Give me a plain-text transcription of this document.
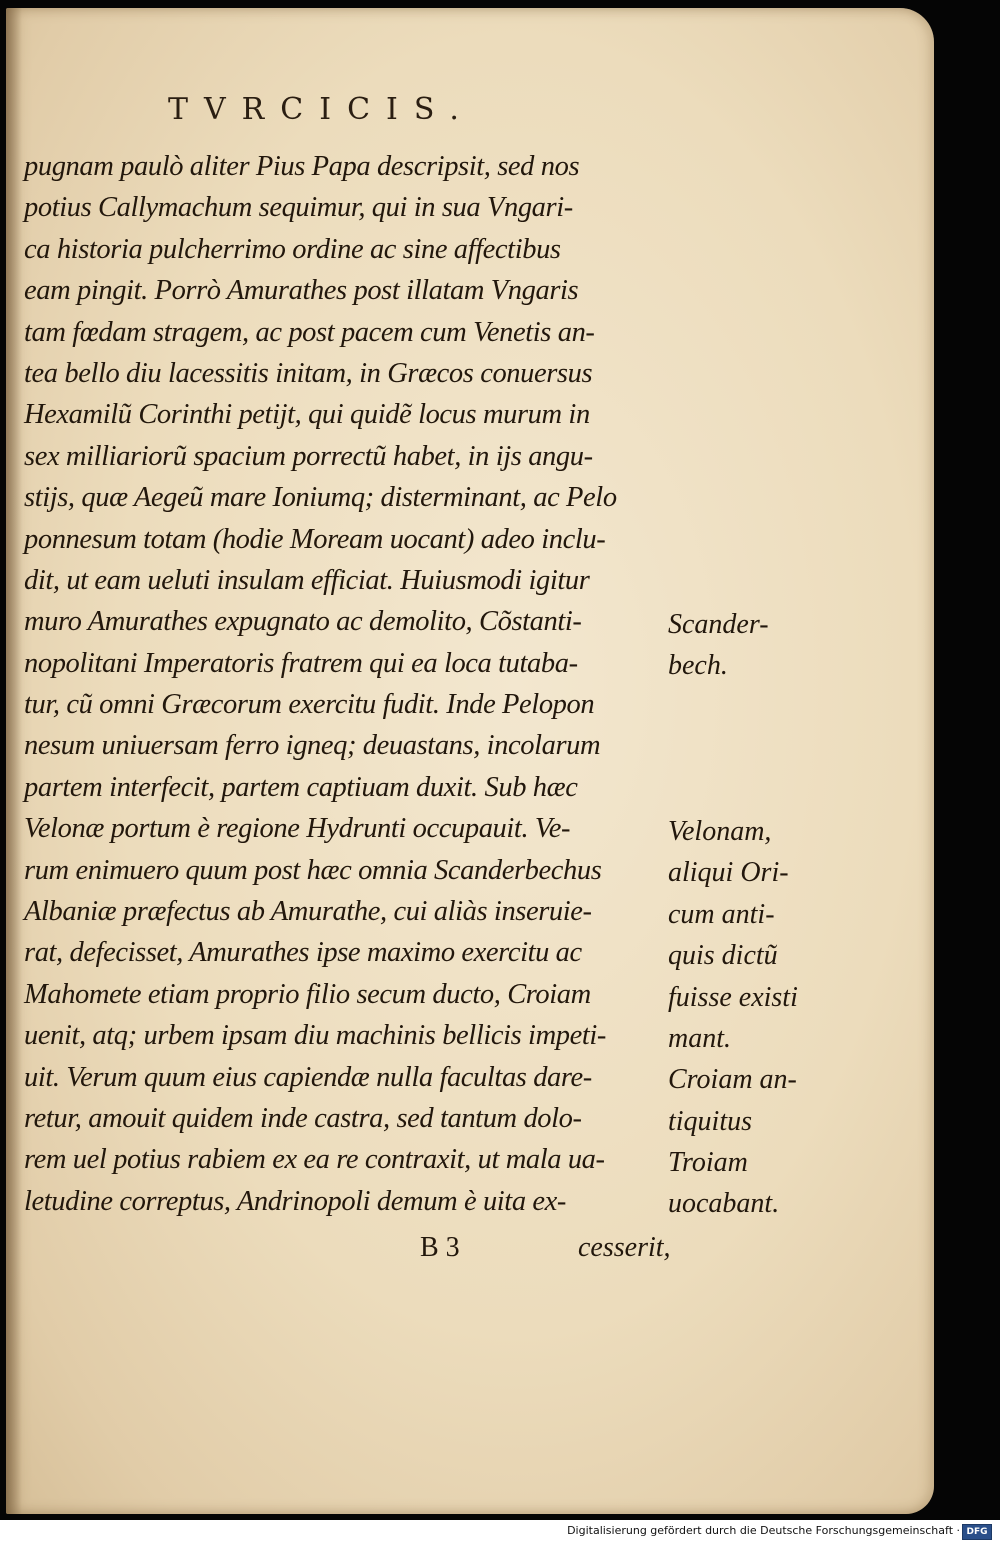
TVRCICIS.
pugnam paulò aliter Pius Papa descripsit, sed nos
potius Callymachum sequimur, qui in sua Vngari-
ca historia pulcherrimo ordine ac sine affectibus
eam pingit. Porrò Amurathes post illatam Vngaris
tam fœdam stragem, ac post pacem cum Venetis an-
tea bello diu lacessitis initam, in Græcos conuersus
Hexamilũ Corinthi petijt, qui quidẽ locus murum in
sex milliariorũ spacium porrectũ habet, in ijs angu-
stijs, quæ Aegeũ mare Ioniumq; disterminant, ac Pelo
ponnesum totam (hodie Moream uocant) adeo inclu-
dit, ut eam ueluti insulam efficiat. Huiusmodi igitur
muro Amurathes expugnato ac demolito, Cõstanti-
nopolitani Imperatoris fratrem qui ea loca tutaba-
tur, cũ omni Græcorum exercitu fudit. Inde Pelopon
nesum uniuersam ferro igneq; deuastans, incolarum
partem interfecit, partem captiuam duxit. Sub hæc
Velonæ portum è regione Hydrunti occupauit. Ve-
rum enimuero quum post hæc omnia Scanderbechus
Albaniæ præfectus ab Amurathe, cui aliàs inseruie-
rat, defecisset, Amurathes ipse maximo exercitu ac
Mahomete etiam proprio filio secum ducto, Croiam
uenit, atq; urbem ipsam diu machinis bellicis impeti-
uit. Verum quum eius capiendæ nulla facultas dare-
retur, amouit quidem inde castra, sed tantum dolo-
rem uel potius rabiem ex ea re contraxit, ut mala ua-
letudine correptus, Andrinopoli demum è uita ex-
Scander-
bech.
Velonam,
aliqui Ori-
cum anti-
quis dictũ
fuisse existi
mant.
Croiam an-
tiquitus
Troiam
uocabant.
B 3	cesserit,
Digitalisierung gefördert durch die Deutsche Forschungsgemeinschaft · DFG
